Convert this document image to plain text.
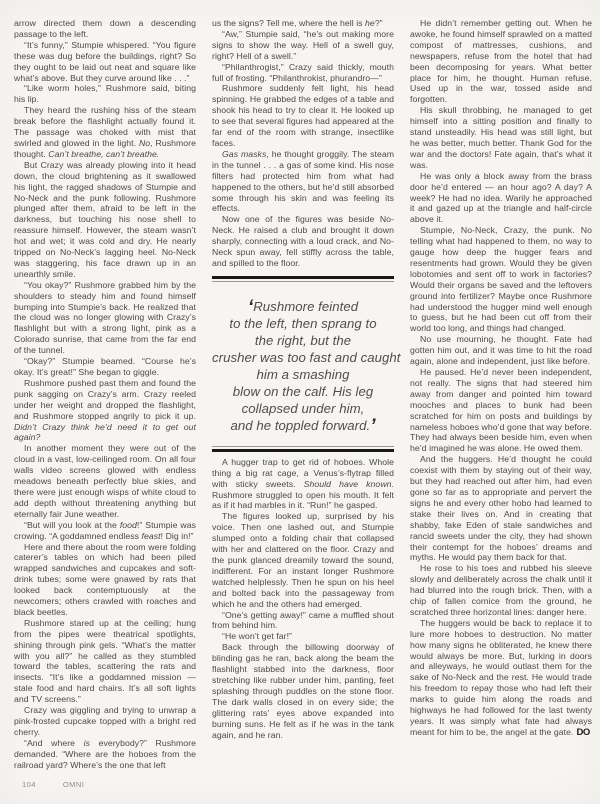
arrow directed them down a descending passage to the left.

“It’s funny,” Stumpie whispered. “You figure these was dug before the buildings, right? So they ought to be laid out neat and square like what’s above. But they curve around like . . .”

“Like worm holes,” Rushmore said, biting his lip.

They heard the rushing hiss of the steam break before the flashlight actually found it. The passage was choked with mist that swirled and glowed in the light. No, Rushmore thought. Can’t breathe, can’t breathe.

But Crazy was already plowing into it head down, the cloud brightening as it swallowed his light, the ragged shadows of Stumpie and No-Neck and the punk following. Rushmore plunged after them, afraid to be left in the darkness, but touching his nose shell to reassure himself. However, the steam wasn’t hot and wet; it was cold and dry. He nearly tripped on No-Neck’s lagging heel. No-Neck was staggering, his face drawn up in an unearthly smile.

“You okay?” Rushmore grabbed him by the shoulders to steady him and found himself bumping into Stumpie’s back. He realized that the cloud was no longer glowing with Crazy’s flashlight but with a strong light, pink as a Colorado sunrise, that came from the far end of the tunnel.

“Okay?” Stumpie beamed. “Course he’s okay. It’s great!” She began to giggle.

Rushmore pushed past them and found the punk sagging on Crazy’s arm. Crazy reeled under her weight and dropped the flashlight, and Rushmore stopped angrily to pick it up. Didn’t Crazy think he’d need it to get out again?

In another moment they were out of the cloud in a vast, low-ceilinged room. On all four walls video screens glowed with endless meadows beneath perfectly blue skies, and there were just enough wisps of white cloud to add depth without threatening anything but eternally fair June weather.

“But will you look at the food!” Stumpie was crowing. “A goddamned endless feast! Dig in!”

Here and there about the room were folding caterer’s tables on which had been piled wrapped sandwiches and cupcakes and soft-drink tubes; some were gnawed by rats that looked back contemptuously at the newcomers; others crawled with roaches and black beetles.

Rushmore stared up at the ceiling; hung from the pipes were theatrical spotlights, shining through pink gels. “What’s the matter with you all?” he called as they stumbled toward the tables, scattering the rats and insects. “It’s like a goddamned mission — stale food and hard chairs. It’s all soft lights and TV screens.”

Crazy was giggling and trying to unwrap a pink-frosted cupcake topped with a bright red cherry.

“And where is everybody?” Rushmore demanded. “Where are the hoboes from the railroad yard? Where’s the one that left

us the signs? Tell me, where the hell is he?”

“Aw,” Stumpie said, “he’s out making more signs to show the way. Hell of a swell guy, right? Hell of a swell.”

“Philanthrogist,” Crazy said thickly, mouth full of frosting. “Philanthrokist, phurandro—”

Rushmore suddenly felt light, his head spinning. He grabbed the edges of a table and shook his head to try to clear it. He looked up to see that several figures had appeared at the far end of the room with strange, insectlike faces.

Gas masks, he thought groggily. The steam in the tunnel . . . a gas of some kind. His nose filters had protected him from what had happened to the others, but he’d still absorbed some through his skin and was feeling its effects.

Now one of the figures was beside No-Neck. He raised a club and brought it down sharply, connecting with a loud crack, and No-Neck spun away, fell stiffly across the table, and spilled to the floor.

‘Rushmore feinted
to the left, then sprang to
the right, but the
crusher was too fast and caught
him a smashing
blow on the calf. His leg
collapsed under him,
and he toppled forward.’

A hugger trap to get rid of hoboes. Whole thing a big rat cage, a Venus’s-flytrap filled with sticky sweets. Should have known. Rushmore struggled to open his mouth. It felt as if it had marbles in it. “Run!” he gasped.

The figures looked up, surprised by his voice. Then one lashed out, and Stumpie slumped onto a folding chair that collapsed with her and clattered on the floor. Crazy and the punk glanced dreamily toward the sound, indifferent. For an instant longer Rushmore watched helplessly. Then he spun on his heel and bolted back into the passageway from which he and the others had emerged.

“One’s getting away!” came a muffled shout from behind him.

“He won’t get far!”

Back through the billowing doorway of blinding gas he ran, back along the beam the flashlight stabbed into the darkness, floor stretching like rubber under him, panting, feet splashing through puddles on the stone floor. The dark walls closed in on every side; the glittering rats’ eyes above expanded into burning suns. He felt as if he was in the tank again, and he ran.

He didn’t remember getting out. When he awoke, he found himself sprawled on a matted compost of mattresses, cushions, and newspapers, refuse from the hotel that had been decomposing for years. What better place for him, he thought. Human refuse. Used up in the war, tossed aside and forgotten.

His skull throbbing, he managed to get himself into a sitting position and finally to stand unsteadily. His head was still light, but he was better, much better. Thank God for the war and the doctors! Fate again, that’s what it was.

He was only a block away from the brass door he’d entered — an hour ago? A day? A week? He had no idea. Warily he approached it and gazed up at the triangle and half-circle above it.

Stumpie, No-Neck, Crazy, the punk. No telling what had happened to them, no way to gauge how deep the hugger fears and resentments had grown. Would they be given lobotomies and sent off to work in factories? Would their organs be saved and the leftovers ground into fertilizer? Maybe once Rushmore had understood the hugger mind well enough to guess, but he had been cut off from their world too long, and things had changed.

No use mourning, he thought. Fate had gotten him out, and it was time to hit the road again, alone and independent, just like before.

He paused. He’d never been independent, not really. The signs that had steered him away from danger and pointed him toward mooches and places to bunk had been scratched for him on posts and buildings by nameless hoboes who’d gone that way before. They had always been beside him, even when he’d imagined he was alone. He owed them.

And the huggers. He’d thought he could coexist with them by staying out of their way, but they had reached out after him, had even gone so far as to appropriate and pervert the signs he and every other hobo had learned to stake their lives on. And in creating that shabby, fake Eden of stale sandwiches and rancid sweets under the city, they had shown their contempt for the hoboes’ dreams and myths. He would pay them back for that.

He rose to his toes and rubbed his sleeve slowly and deliberately across the chalk until it had blurred into the rough brick. Then, with a chip of fallen cornice from the ground, he scratched three horizontal lines: danger here.

The huggers would be back to replace it to lure more hoboes to destruction. No matter how many signs he obliterated, he knew there would always be more. But, lurking in doors and alleyways, he would outlast them for the sake of No-Neck and the rest. He would trade his freedom to repay those who had left their marks to guide him along the roads and highways he had followed for the last twenty years. It was simply what fate had always meant for him to be, the angel at the gate. DO

104	OMNI
